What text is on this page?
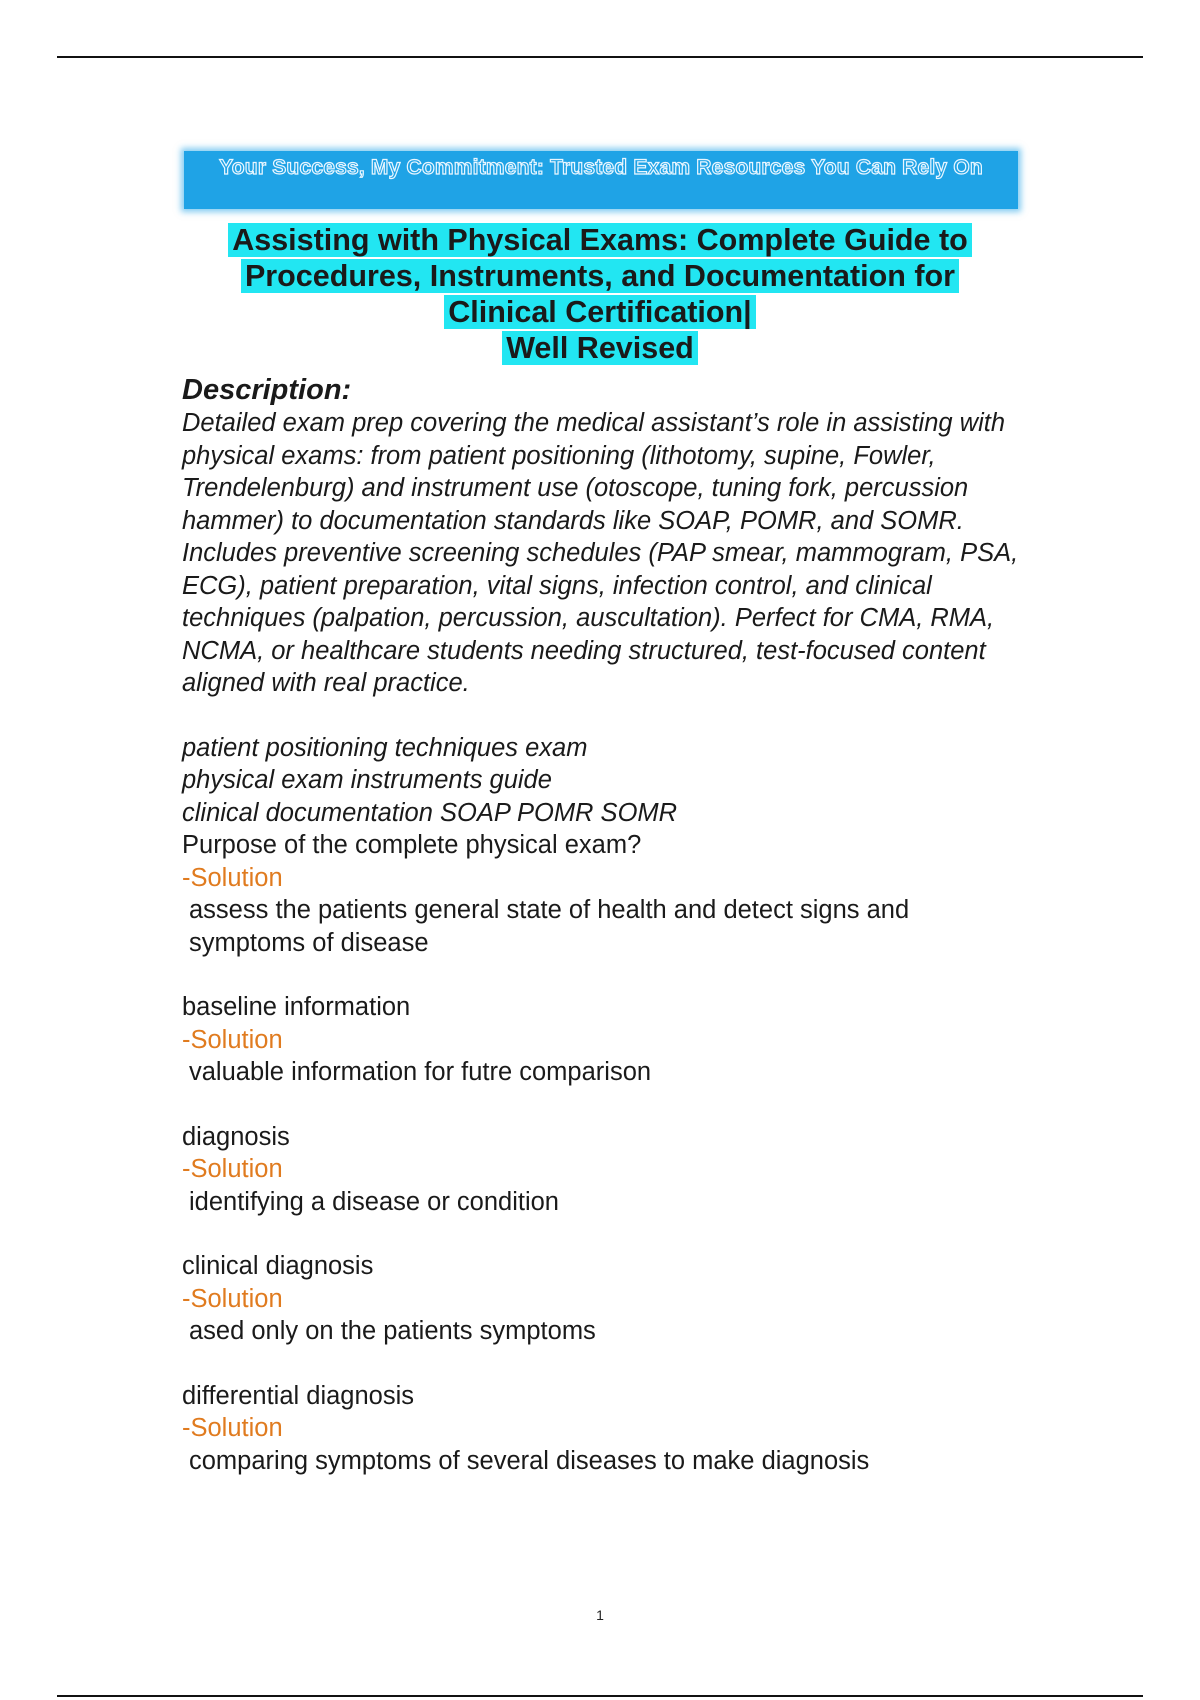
Your Success, My Commitment: Trusted Exam Resources You Can Rely On
Assisting with Physical Exams: Complete Guide to
Procedures, Instruments, and Documentation for
Clinical Certification|
Well Revised

Description:

Detailed exam prep covering the medical assistant’s role in assisting with physical exams: from patient positioning (lithotomy, supine, Fowler, Trendelenburg) and instrument use (otoscope, tuning fork, percussion hammer) to documentation standards like SOAP, POMR, and SOMR. Includes preventive screening schedules (PAP smear, mammogram, PSA, ECG), patient preparation, vital signs, infection control, and clinical techniques (palpation, percussion, auscultation). Perfect for CMA, RMA, NCMA, or healthcare students needing structured, test-focused content aligned with real practice.

patient positioning techniques exam
physical exam instruments guide
clinical documentation SOAP POMR SOMR
Purpose of the complete physical exam?
-Solution
assess the patients general state of health and detect signs and symptoms of disease
baseline information
-Solution
valuable information for futre comparison
diagnosis
-Solution
identifying a disease or condition
clinical diagnosis
-Solution
ased only on the patients symptoms
differential diagnosis
-Solution
comparing symptoms of several diseases to make diagnosis
1
